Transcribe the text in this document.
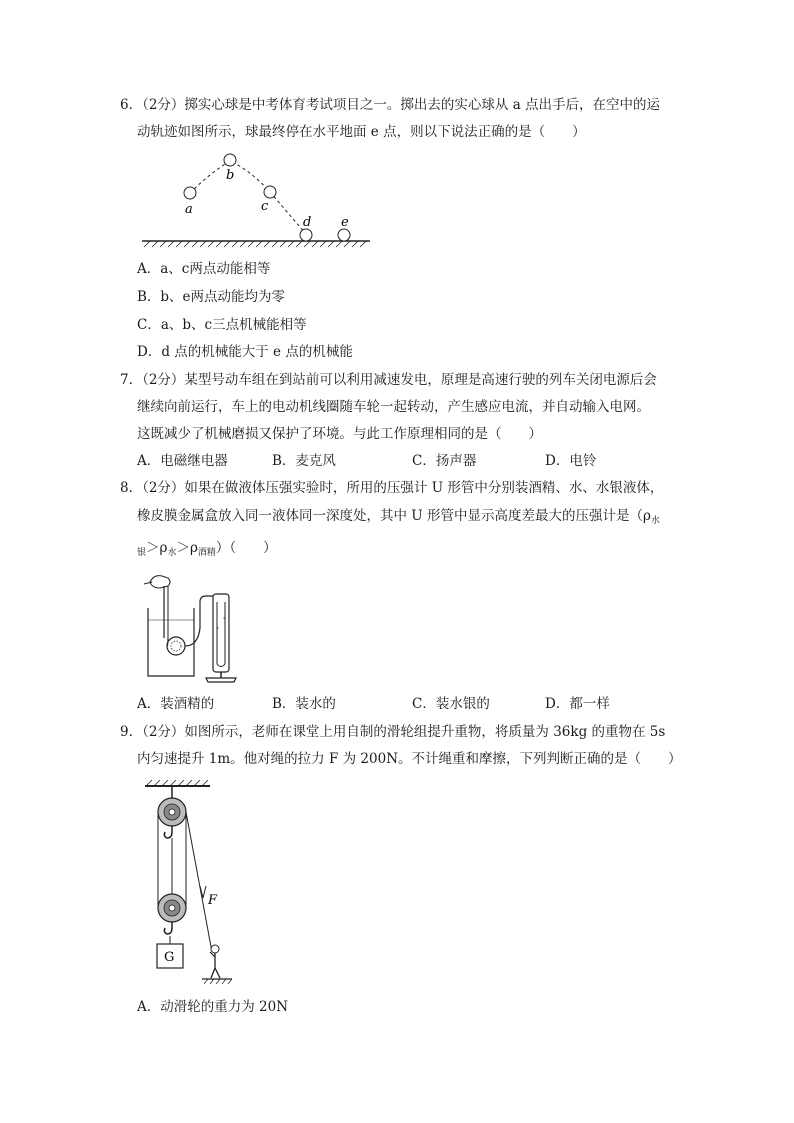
6．（2分）掷实心球是中考体育考试项目之一。掷出去的实心球从 a 点出手后，在空中的运
动轨迹如图所示，球最终停在水平地面 e 点，则以下说法正确的是（　　）
a
b
c
d e
A．a、c两点动能相等
B．b、e两点动能均为零
C．a、b、c三点机械能相等
D．d 点的机械能大于 e 点的机械能
7．（2分）某型号动车组在到站前可以利用减速发电，原理是高速行驶的列车关闭电源后会
继续向前运行，车上的电动机线圈随车轮一起转动，产生感应电流，并自动输入电网。
这既减少了机械磨损又保护了环境。与此工作原理相同的是（　　）
A．电磁继电器	B．麦克风	C．扬声器	D．电铃
8．（2分）如果在做液体压强实验时，所用的压强计 U 形管中分别装酒精、水、水银液体，
橡皮膜金属盒放入同一液体同一深度处，其中 U 形管中显示高度差最大的压强计是（$\rho_水$
$_银>\rho_水>\rho_{酒精}$）（　　）
A．装酒精的	B．装水的	C．装水银的	D．都一样
9．（2分）如图所示，老师在课堂上用自制的滑轮组提升重物，将质量为 36kg 的重物在 5s
内匀速提升 1m。他对绳的拉力 F 为 200N。不计绳重和摩擦，下列判断正确的是（　　）
G
F
A．动滑轮的重力为 20N
